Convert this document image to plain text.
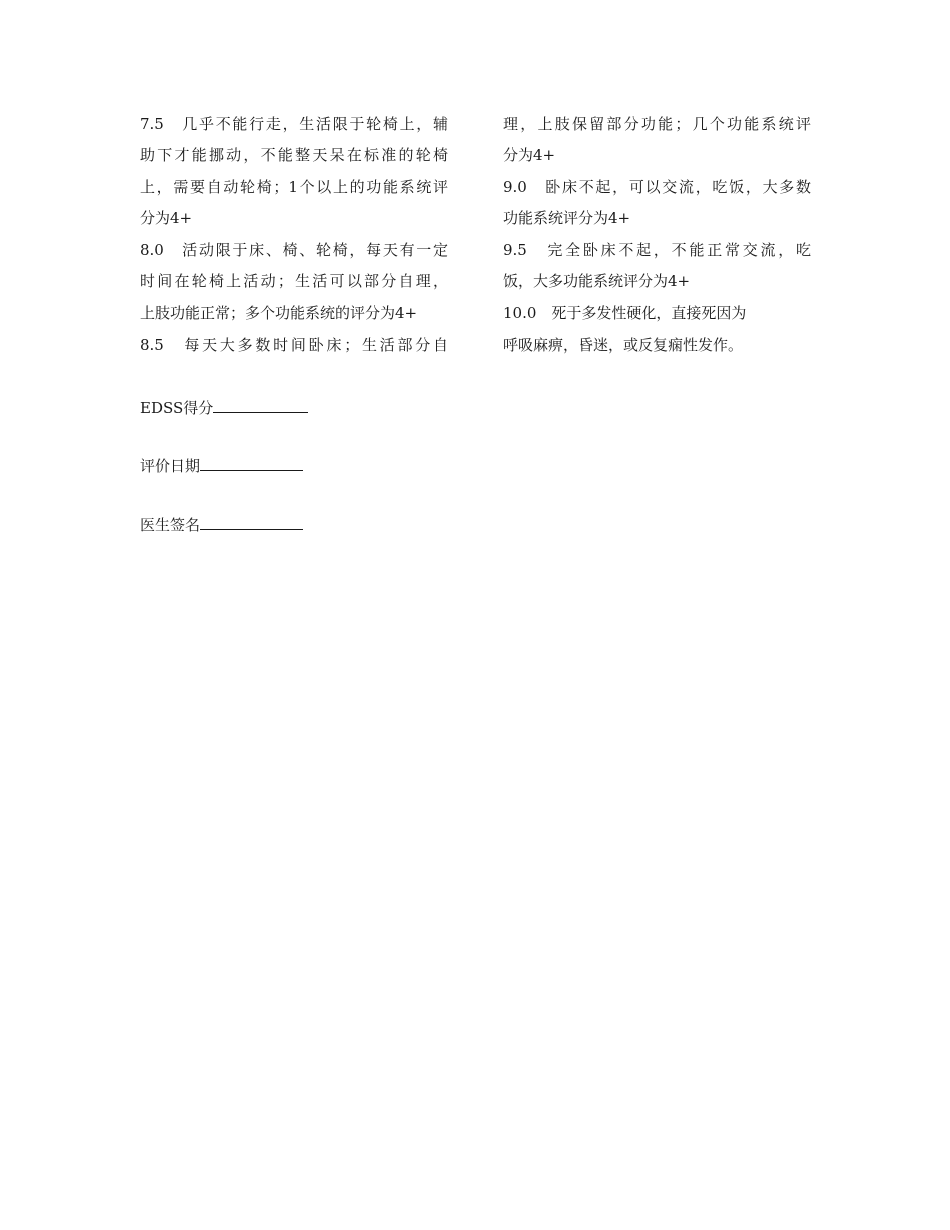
7.5　几乎不能行走，生活限于轮椅上，辅
助下才能挪动，不能整天呆在标准的轮椅
上，需要自动轮椅；1个以上的功能系统评
分为4+
8.0　活动限于床、椅、轮椅，每天有一定
时间在轮椅上活动；生活可以部分自理，
上肢功能正常；多个功能系统的评分为4+
8.5　每天大多数时间卧床；生活部分自
理，上肢保留部分功能；几个功能系统评
分为4+
9.0　卧床不起，可以交流，吃饭，大多数
功能系统评分为4+
9.5　完全卧床不起，不能正常交流，吃
饭，大多功能系统评分为4+
10.0　死于多发性硬化，直接死因为
呼吸麻痹，昏迷，或反复痫性发作。
EDSS得分
评价日期
医生签名
